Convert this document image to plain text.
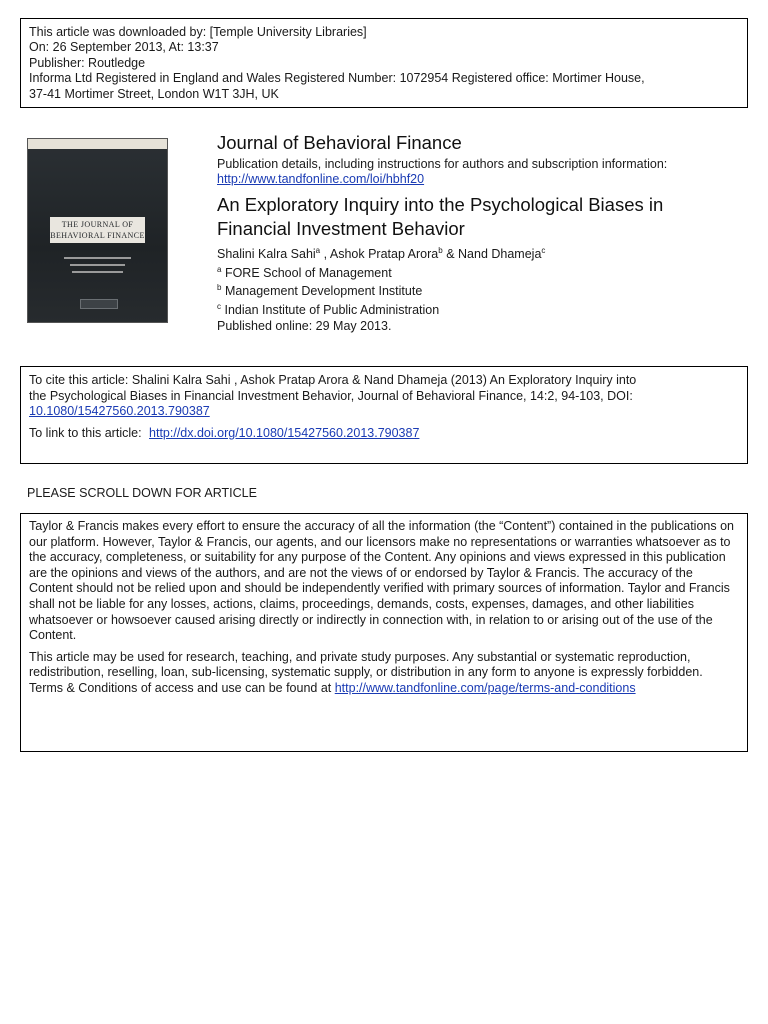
This article was downloaded by: [Temple University Libraries]
On: 26 September 2013, At: 13:37
Publisher: Routledge
Informa Ltd Registered in England and Wales Registered Number: 1072954 Registered office: Mortimer House,
37-41 Mortimer Street, London W1T 3JH, UK
THE JOURNAL OF
BEHAVIORAL FINANCE
Journal of Behavioral Finance
Publication details, including instructions for authors and subscription information:
http://www.tandfonline.com/loi/hbhf20
An Exploratory Inquiry into the Psychological Biases in
Financial Investment Behavior
Shalini Kalra Sahi$^a$ , Ashok Pratap Arora$^b$ & Nand Dhameja$^c$
$^a$ FORE School of Management
$^b$ Management Development Institute
$^c$ Indian Institute of Public Administration
Published online: 29 May 2013.
To cite this article: Shalini Kalra Sahi , Ashok Pratap Arora & Nand Dhameja (2013) An Exploratory Inquiry into
the Psychological Biases in Financial Investment Behavior, Journal of Behavioral Finance, 14:2, 94-103, DOI:
10.1080/15427560.2013.790387
To link to this article: http://dx.doi.org/10.1080/15427560.2013.790387
PLEASE SCROLL DOWN FOR ARTICLE

Taylor & Francis makes every effort to ensure the accuracy of all the information (the “Content”) contained in the publications on our platform. However, Taylor & Francis, our agents, and our licensors make no representations or warranties whatsoever as to the accuracy, completeness, or suitability for any purpose of the Content. Any opinions and views expressed in this publication are the opinions and views of the authors, and are not the views of or endorsed by Taylor & Francis. The accuracy of the Content should not be relied upon and should be independently verified with primary sources of information. Taylor and Francis shall not be liable for any losses, actions, claims, proceedings, demands, costs, expenses, damages, and other liabilities whatsoever or howsoever caused arising directly or indirectly in connection with, in relation to or arising out of the use of the Content.

This article may be used for research, teaching, and private study purposes. Any substantial or systematic reproduction, redistribution, reselling, loan, sub-licensing, systematic supply, or distribution in any form to anyone is expressly forbidden. Terms & Conditions of access and use can be found at http://www.tandfonline.com/page/terms-and-conditions
